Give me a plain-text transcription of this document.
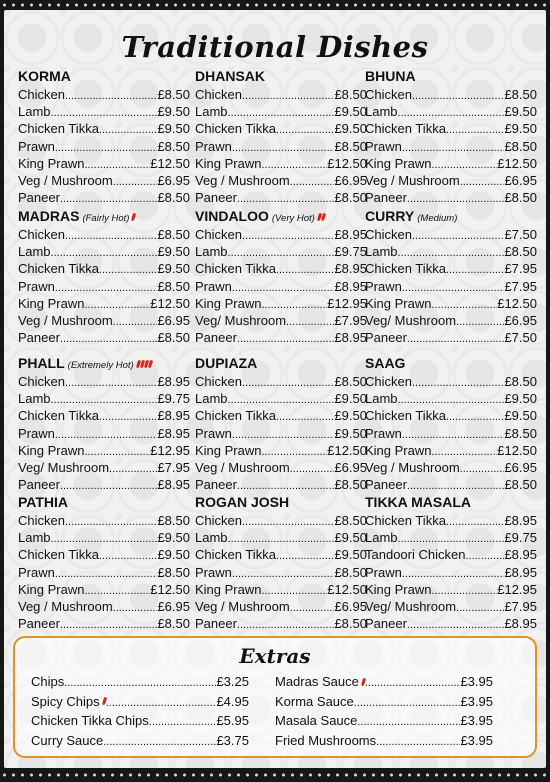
Traditional Dishes
KORMA
Chicken .....	£8.50
Lamb .....	£9.50
Chicken Tikka .....	£9.50
Prawn .....	£8.50
King Prawn .....	£12.50
Veg / Mushroom .....	£6.95
Paneer .....	£8.50
DHANSAK
Chicken .....	£8.50
Lamb .....	£9.50
Chicken Tikka .....	£9.50
Prawn .....	£8.50
King Prawn .....	£12.50
Veg / Mushroom .....	£6.95
Paneer .....	£8.50
BHUNA
Chicken .....	£8.50
Lamb .....	£9.50
Chicken Tikka .....	£9.50
Prawn .....	£8.50
King Prawn .....	£12.50
Veg / Mushroom .....	£6.95
Paneer .....	£8.50
MADRAS (Fairly Hot)
Chicken .....	£8.50
Lamb .....	£9.50
Chicken Tikka .....	£9.50
Prawn .....	£8.50
King Prawn .....	£12.50
Veg / Mushroom .....	£6.95
Paneer .....	£8.50
VINDALOO (Very Hot)
Chicken .....	£8.95
Lamb .....	£9.75
Chicken Tikka .....	£8.95
Prawn .....	£8.95
King Prawn .....	£12.95
Veg/ Mushroom .....	£7.95
Paneer .....	£8.95
CURRY (Medium)
Chicken .....	£7.50
Lamb .....	£8.50
Chicken Tikka .....	£7.95
Prawn .....	£7.95
King Prawn .....	£12.50
Veg/ Mushroom .....	£6.95
Paneer .....	£7.50
PHALL (Extremely Hot)
Chicken .....	£8.95
Lamb .....	£9.75
Chicken Tikka .....	£8.95
Prawn .....	£8.95
King Prawn .....	£12.95
Veg/ Mushroom .....	£7.95
Paneer .....	£8.95
DUPIAZA
Chicken .....	£8.50
Lamb .....	£9.50
Chicken Tikka .....	£9.50
Prawn .....	£9.50
King Prawn .....	£12.50
Veg / Mushroom .....	£6.95
Paneer .....	£8.50
SAAG
Chicken .....	£8.50
Lamb .....	£9.50
Chicken Tikka .....	£9.50
Prawn .....	£8.50
King Prawn .....	£12.50
Veg / Mushroom .....	£6.95
Paneer .....	£8.50
PATHIA
Chicken .....	£8.50
Lamb .....	£9.50
Chicken Tikka .....	£9.50
Prawn .....	£8.50
King Prawn .....	£12.50
Veg / Mushroom .....	£6.95
Paneer .....	£8.50
ROGAN JOSH
Chicken .....	£8.50
Lamb .....	£9.50
Chicken Tikka .....	£9.50
Prawn .....	£8.50
King Prawn .....	£12.50
Veg / Mushroom .....	£6.95
Paneer .....	£8.50
TIKKA MASALA
Chicken Tikka .....	£8.95
Lamb .....	£9.75
Tandoori Chicken .....	£8.95
Prawn .....	£8.95
King Prawn .....	£12.95
Veg/ Mushroom .....	£7.95
Paneer .....	£8.95
Extras
Chips .....	£3.25
Spicy Chips .....	£4.95
Chicken Tikka Chips .....	£5.95
Curry Sauce .....	£3.75
Madras Sauce .....	£3.95
Korma Sauce .....	£3.95
Masala Sauce .....	£3.95
Fried Mushrooms .....	£3.95
